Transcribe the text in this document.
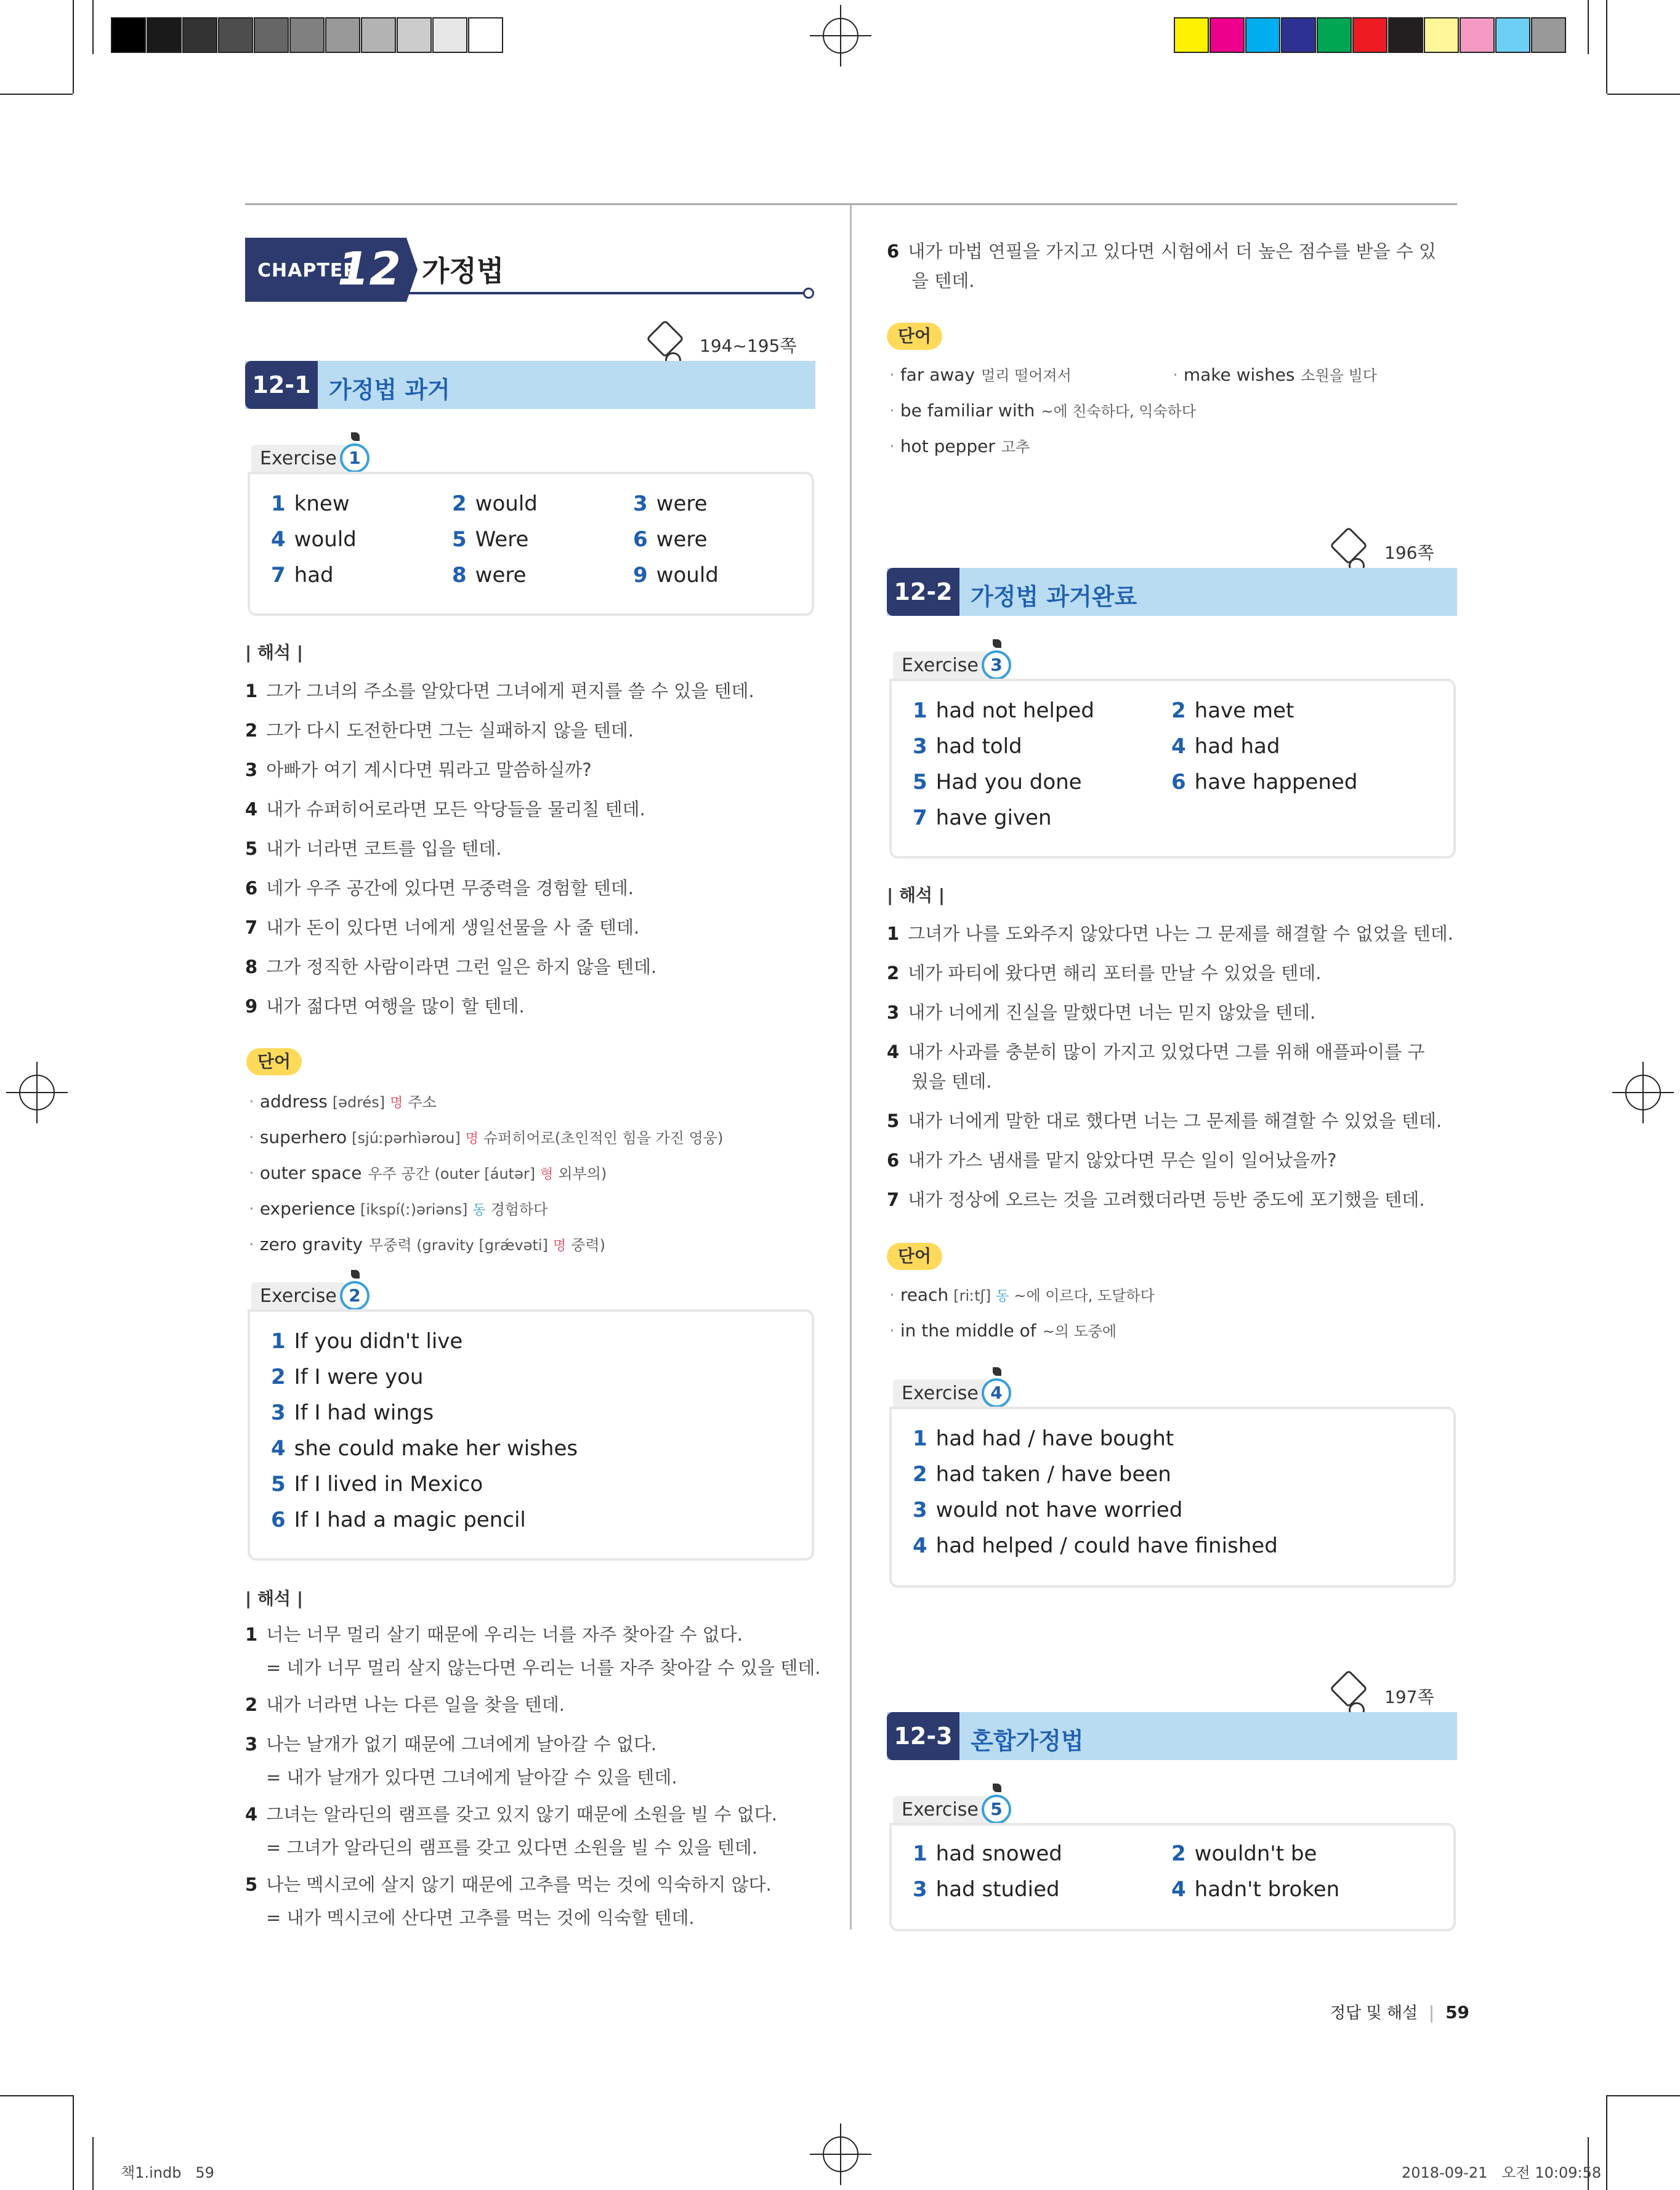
CHAPTER
12 가정법
194~195쪽
12-1 가정법 과거
Exercise 1
1 knew	2 would	3 were
4 would	5 Were	6 were
7 had	8 were	9 would
| 해석 |
1 그가 그녀의 주소를 알았다면 그녀에게 편지를 쓸 수 있을 텐데.
2 그가 다시 도전한다면 그는 실패하지 않을 텐데.
3 아빠가 여기 계시다면 뭐라고 말씀하실까?
4 내가 슈퍼히어로라면 모든 악당들을 물리칠 텐데.
5 내가 너라면 코트를 입을 텐데.
6 네가 우주 공간에 있다면 무중력을 경험할 텐데.
7 내가 돈이 있다면 너에게 생일선물을 사 줄 텐데.
8 그가 정직한 사람이라면 그런 일은 하지 않을 텐데.
9 내가 젊다면 여행을 많이 할 텐데.
단어
· address [ədrés] 명 주소
· superhero [sjúːpərhìərou] 명 슈퍼히어로(초인적인 힘을 가진 영웅)
· outer space 우주 공간 (outer [áutər] 형 외부의)
· experience [ikspí(ː)əriəns] 동 경험하다
· zero gravity 무중력 (gravity [grǽvəti] 명 중력)
Exercise 2
1 If you didn't live
2 If I were you
3 If I had wings
4 she could make her wishes
5 If I lived in Mexico
6 If I had a magic pencil
| 해석 |
1 너는 너무 멀리 살기 때문에 우리는 너를 자주 찾아갈 수 없다.
= 네가 너무 멀리 살지 않는다면 우리는 너를 자주 찾아갈 수 있을 텐데.
2 내가 너라면 나는 다른 일을 찾을 텐데.
3 나는 날개가 없기 때문에 그녀에게 날아갈 수 없다.
= 내가 날개가 있다면 그녀에게 날아갈 수 있을 텐데.
4 그녀는 알라딘의 램프를 갖고 있지 않기 때문에 소원을 빌 수 없다.
= 그녀가 알라딘의 램프를 갖고 있다면 소원을 빌 수 있을 텐데.
5 나는 멕시코에 살지 않기 때문에 고추를 먹는 것에 익숙하지 않다.
= 내가 멕시코에 산다면 고추를 먹는 것에 익숙할 텐데.
6 내가 마법 연필을 가지고 있다면 시험에서 더 높은 점수를 받을 수 있
을 텐데.
단어
· far away 멀리 떨어져서	· make wishes 소원을 빌다
· be familiar with ~에 친숙하다, 익숙하다
· hot pepper 고추
196쪽
12-2 가정법 과거완료
Exercise 3
1 had not helped	2 have met
3 had told	4 had had
5 Had you done	6 have happened
7 have given
| 해석 |
1 그녀가 나를 도와주지 않았다면 나는 그 문제를 해결할 수 없었을 텐데.
2 네가 파티에 왔다면 해리 포터를 만날 수 있었을 텐데.
3 내가 너에게 진실을 말했다면 너는 믿지 않았을 텐데.
4 내가 사과를 충분히 많이 가지고 있었다면 그를 위해 애플파이를 구
웠을 텐데.
5 내가 너에게 말한 대로 했다면 너는 그 문제를 해결할 수 있었을 텐데.
6 내가 가스 냄새를 맡지 않았다면 무슨 일이 일어났을까?
7 내가 정상에 오르는 것을 고려했더라면 등반 중도에 포기했을 텐데.
단어
· reach [riːtʃ] 동 ~에 이르다, 도달하다
· in the middle of ~의 도중에
Exercise 4
1 had had / have bought
2 had taken / have been
3 would not have worried
4 had helped / could have finished
197쪽
12-3 혼합가정법
Exercise 5
1 had snowed	2 wouldn't be
3 had studied	4 hadn't broken
정답 및 해설 | 59
책1.indb   59	2018-09-21   오전 10:09:58
